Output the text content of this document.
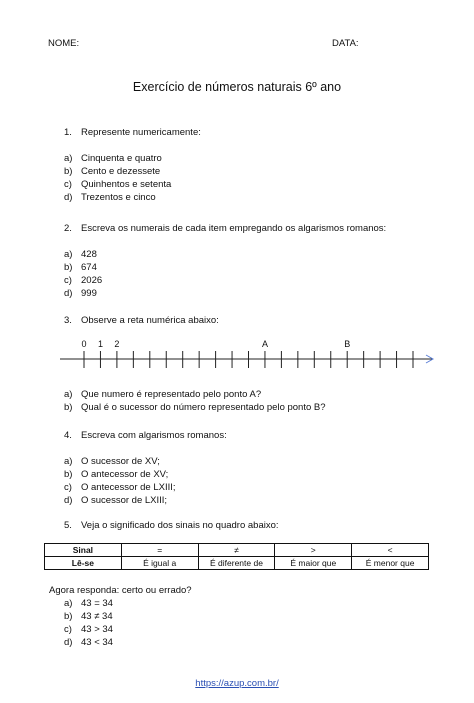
NOME:	DATA:
Exercício de números naturais 6º ano
1. Represente numericamente:
a) Cinquenta e quatro
b) Cento e dezessete
c) Quinhentos e setenta
d) Trezentos e cinco
2. Escreva os numerais de cada item empregando os algarismos romanos:
a) 428
b) 674
c) 2026
d) 999
3. Observe a reta numérica abaixo:
0 1 2	A	B
a) Que numero é representado pelo ponto A?
b) Qual é o sucessor do número representado pelo ponto B?
4. Escreva com algarismos romanos:
a) O sucessor de XV;
b) O antecessor de XV;
c) O antecessor de LXIII;
d) O sucessor de LXIII;
5. Veja o significado dos sinais no quadro abaixo:
Sinal	=	≠	>	<
Lê-se	É igual a	É diferente de	É maior que	É menor que
Agora responda: certo ou errado?
a) 43 = 34
b) 43 ≠ 34
c) 43 > 34
d) 43 < 34
https://azup.com.br/
